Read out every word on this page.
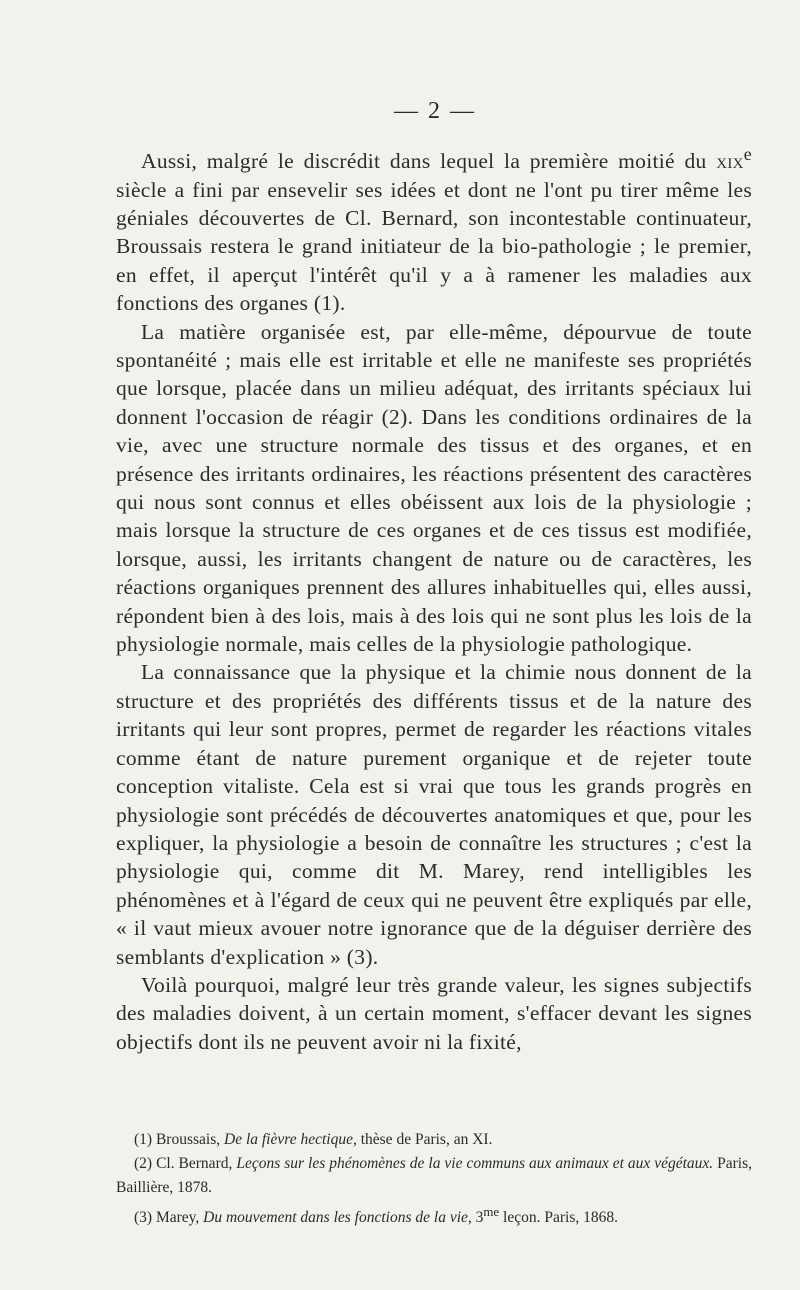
— 2 —

Aussi, malgré le discrédit dans lequel la première moitié du xix$^e$ siècle a fini par ensevelir ses idées et dont ne l'ont pu tirer même les géniales découvertes de Cl. Bernard, son incontestable continuateur, Broussais restera le grand initiateur de la bio-pathologie ; le premier, en effet, il aperçut l'intérêt qu'il y a à ramener les maladies aux fonctions des organes (1).

La matière organisée est, par elle-même, dépourvue de toute spontanéité ; mais elle est irritable et elle ne manifeste ses propriétés que lorsque, placée dans un milieu adéquat, des irritants spéciaux lui donnent l'occasion de réagir (2). Dans les conditions ordinaires de la vie, avec une structure normale des tissus et des organes, et en présence des irritants ordinaires, les réactions présentent des caractères qui nous sont connus et elles obéissent aux lois de la physiologie ; mais lorsque la structure de ces organes et de ces tissus est modifiée, lorsque, aussi, les irritants changent de nature ou de caractères, les réactions organiques prennent des allures inhabituelles qui, elles aussi, répondent bien à des lois, mais à des lois qui ne sont plus les lois de la physiologie normale, mais celles de la physiologie pathologique.

La connaissance que la physique et la chimie nous donnent de la structure et des propriétés des différents tissus et de la nature des irritants qui leur sont propres, permet de regarder les réactions vitales comme étant de nature purement organique et de rejeter toute conception vitaliste. Cela est si vrai que tous les grands progrès en physiologie sont précédés de découvertes anatomiques et que, pour les expliquer, la physiologie a besoin de connaître les structures ; c'est la physiologie qui, comme dit M. Marey, rend intelligibles les phénomènes et à l'égard de ceux qui ne peuvent être expliqués par elle, « il vaut mieux avouer notre ignorance que de la déguiser derrière des semblants d'explication » (3).

Voilà pourquoi, malgré leur très grande valeur, les signes subjectifs des maladies doivent, à un certain moment, s'effacer devant les signes objectifs dont ils ne peuvent avoir ni la fixité,

(1) Broussais, De la fièvre hectique, thèse de Paris, an XI.

(2) Cl. Bernard, Leçons sur les phénomènes de la vie communs aux animaux et aux végétaux. Paris, Baillière, 1878.

(3) Marey, Du mouvement dans les fonctions de la vie, $3^{me}$ leçon. Paris, 1868.
